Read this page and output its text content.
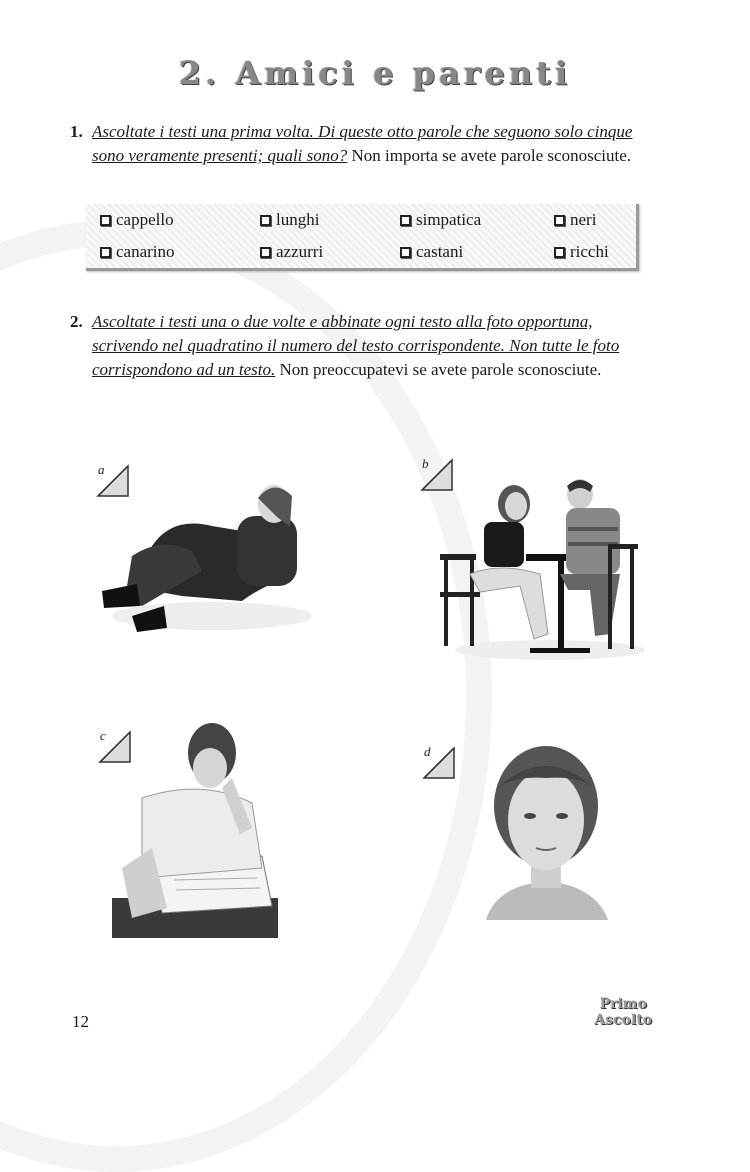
2. Amici e parenti
1. Ascoltate i testi una prima volta. Di queste otto parole che seguono solo cinque sono veramente presenti; quali sono? Non importa se avete parole sconosciute.
cappello	lunghi	simpatica	neri
canarino	azzurri	castani	ricchi
2. Ascoltate i testi una o due volte e abbinate ogni testo alla foto opportuna, scrivendo nel quadratino il numero del testo corrispondente. Non tutte le foto corrispondono ad un testo. Non preoccupatevi se avete parole sconosciute.
a	b
c
d
12
Primo
Ascolto
